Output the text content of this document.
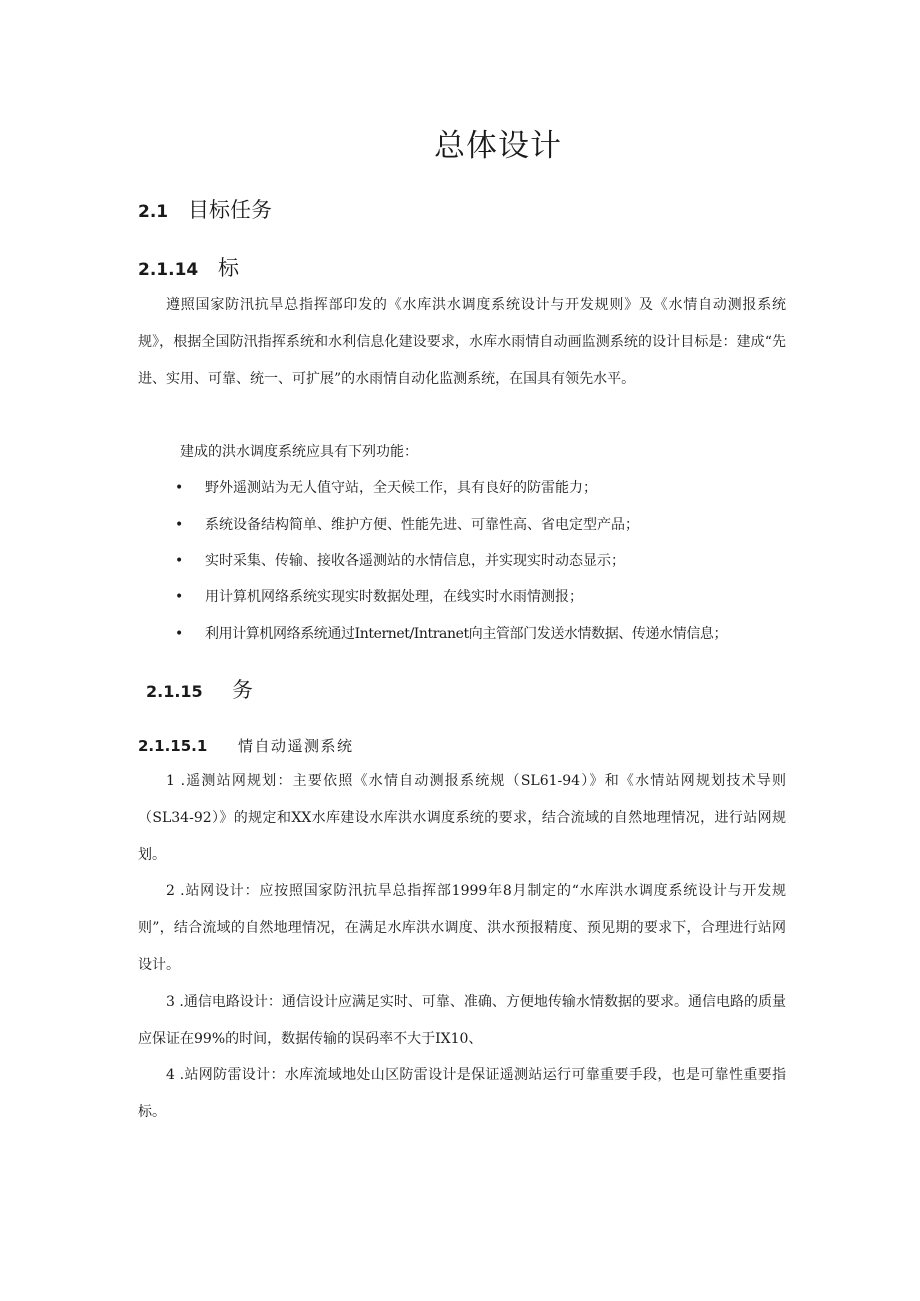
总体设计
2.1 目标任务
2.1.14 标
遵照国家防汛抗旱总指挥部印发的《水库洪水调度系统设计与开发规则》及《水情自动测报系统规》，根据全国防汛指挥系统和水利信息化建设要求，水库水雨情自动画监测系统的设计目标是：建成“先进、实用、可靠、统一、可扩展”的水雨情自动化监测系统，在国具有领先水平。
建成的洪水调度系统应具有下列功能：
• 野外遥测站为无人值守站，全天候工作，具有良好的防雷能力；
• 系统设备结构简单、维护方便、性能先进、可靠性高、省电定型产品；
• 实时采集、传输、接收各遥测站的水情信息，并实现实时动态显示；
• 用计算机网络系统实现实时数据处理，在线实时水雨情测报；
• 利用计算机网络系统通过Internet/Intranet向主管部门发送水情数据、传递水情信息；
2.1.15 务
2.1.15.1 情自动遥测系统
1 .遥测站网规划：主要依照《水情自动测报系统规（SL61-94）》和《水情站网规划技术导则（SL34-92）》的规定和XX水库建设水库洪水调度系统的要求，结合流域的自然地理情况，进行站网规划。
2 .站网设计：应按照国家防汛抗旱总指挥部1999年8月制定的“水库洪水调度系统设计与开发规则”，结合流域的自然地理情况，在满足水库洪水调度、洪水预报精度、预见期的要求下，合理进行站网设计。
3 .通信电路设计：通信设计应满足实时、可靠、准确、方便地传输水情数据的要求。通信电路的质量应保证在99%的时间，数据传输的误码率不大于IX10、
4 .站网防雷设计：水库流域地处山区防雷设计是保证遥测站运行可靠重要手段，也是可靠性重要指标。
